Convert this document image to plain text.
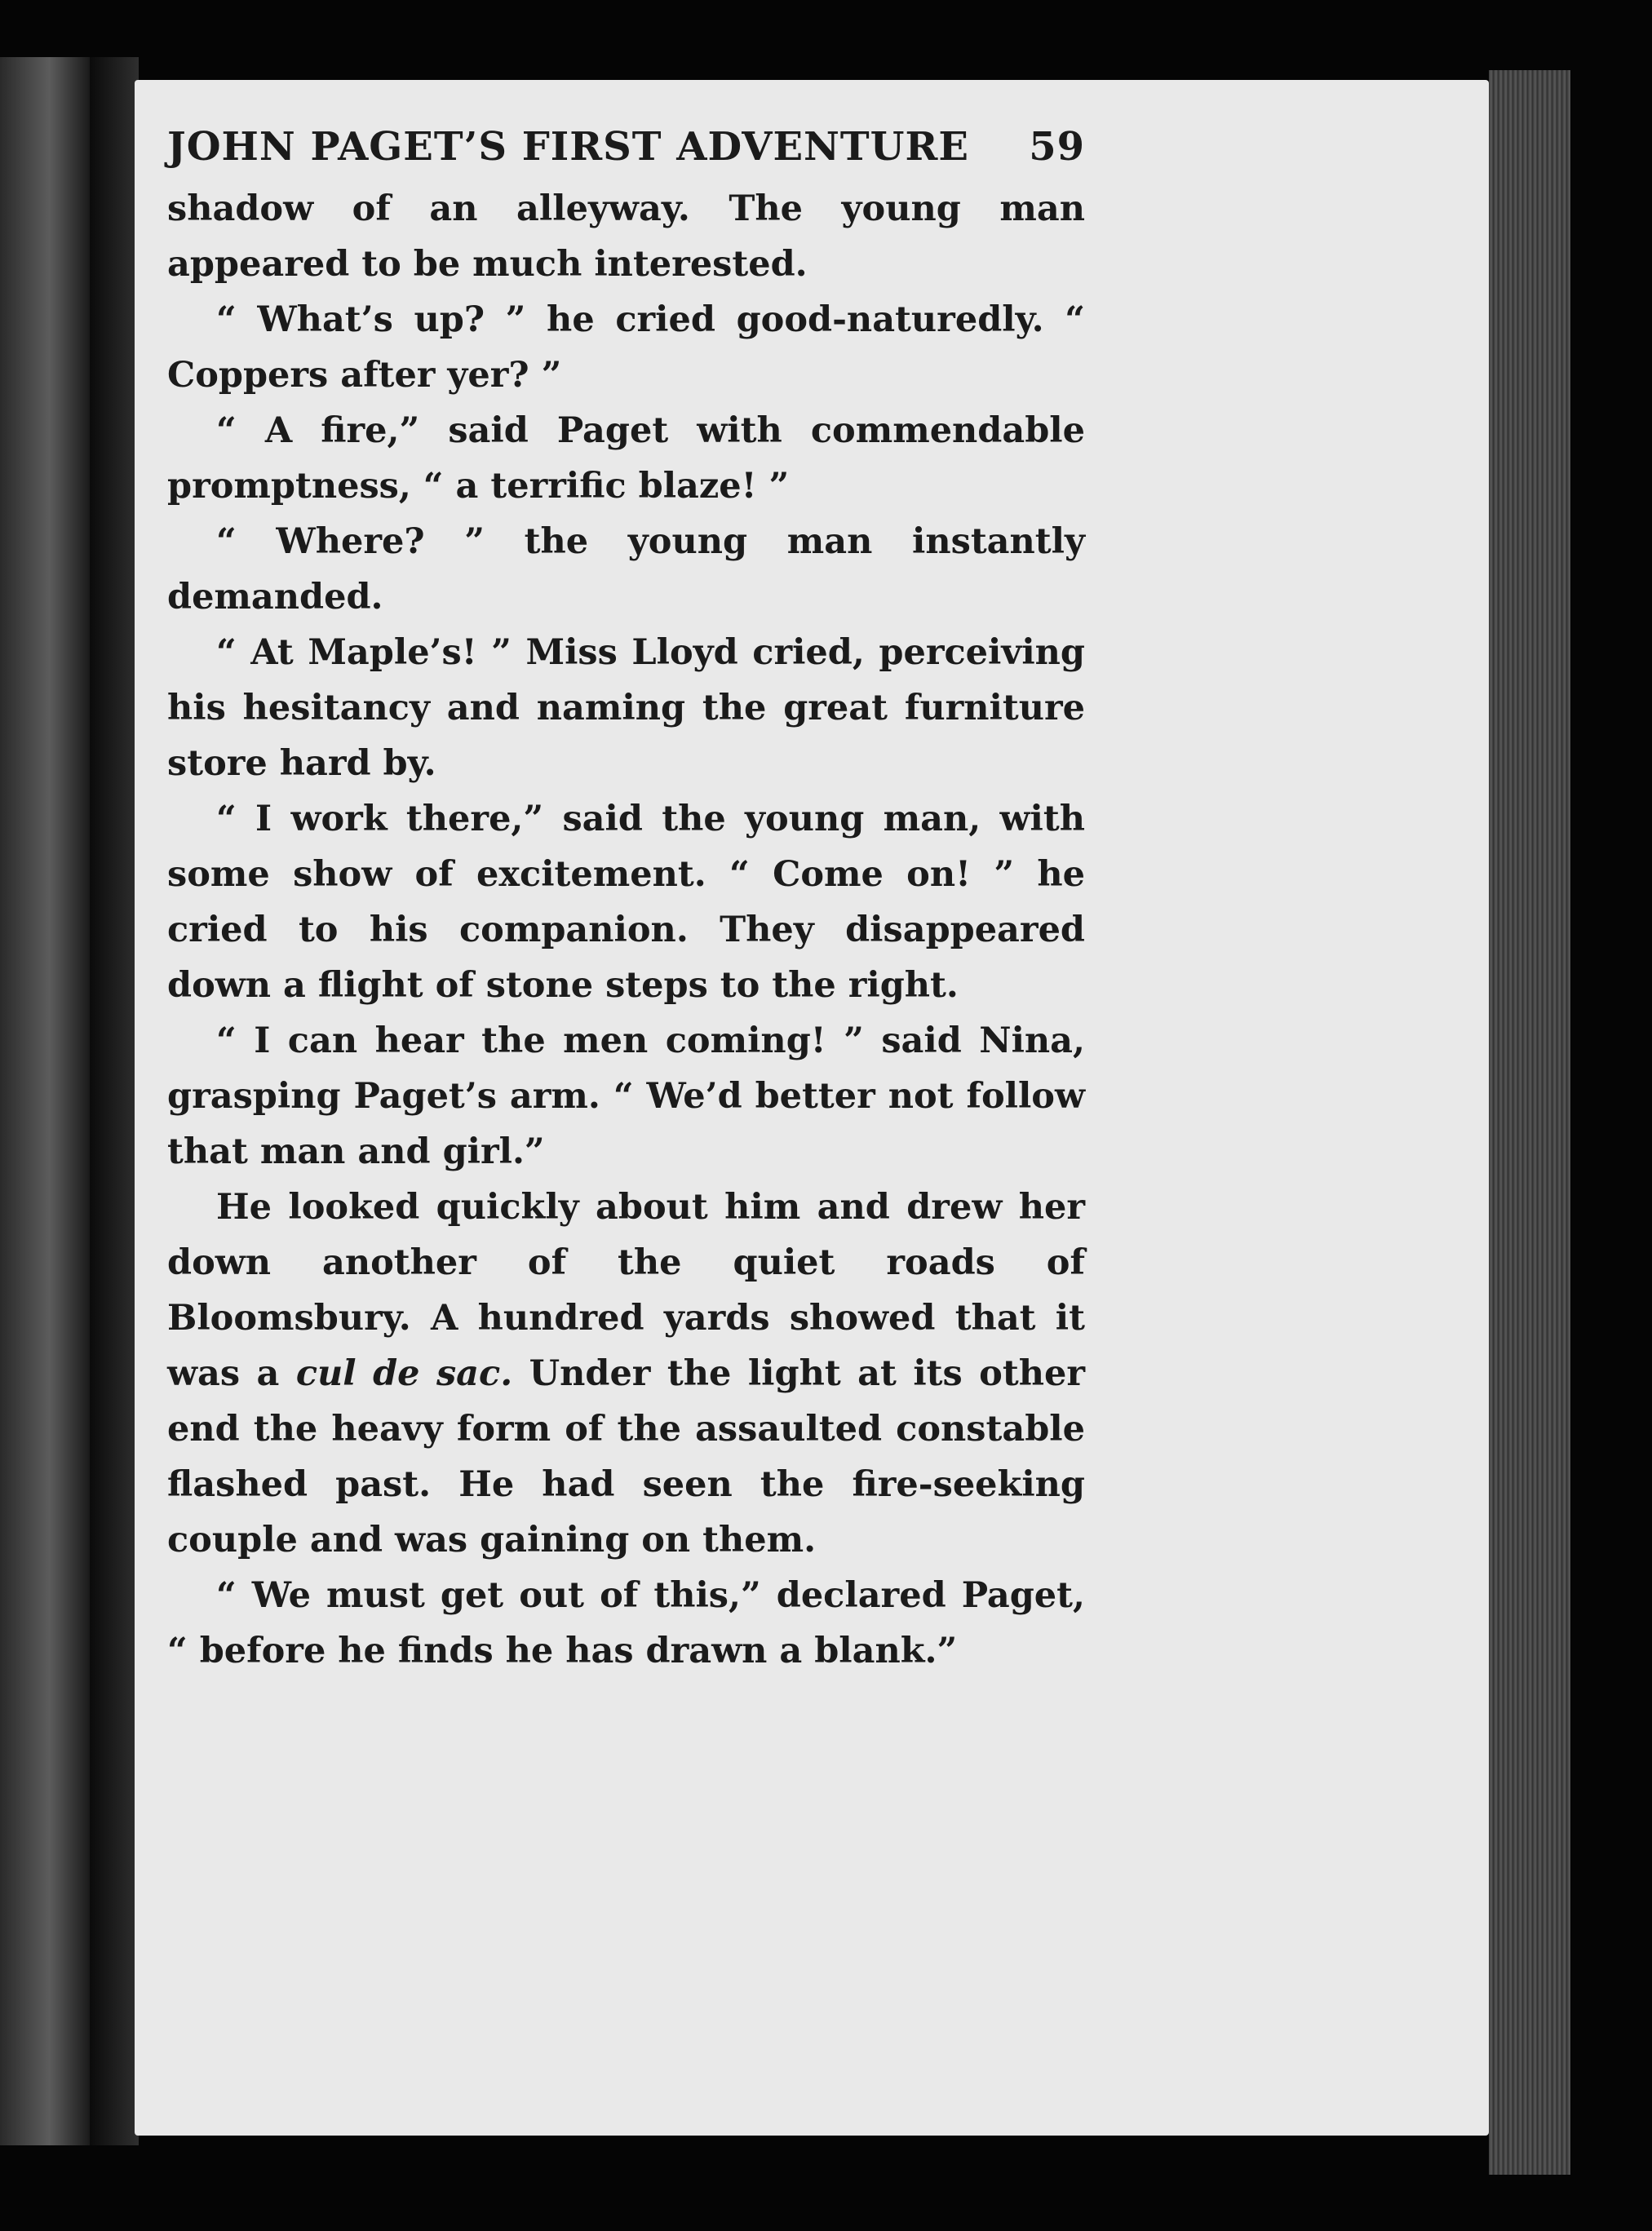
JOHN PAGET’S FIRST ADVENTURE 59

shadow of an alleyway. The young man appeared to be much interested.

“ What’s up? ” he cried good-naturedly. “ Coppers after yer? ”

“ A fire,” said Paget with commendable promptness, “ a terrific blaze! ”

“ Where? ” the young man instantly demanded.

“ At Maple’s! ” Miss Lloyd cried, perceiving his hesitancy and naming the great furniture store hard by.

“ I work there,” said the young man, with some show of excitement. “ Come on! ” he cried to his companion. They disappeared down a flight of stone steps to the right.

“ I can hear the men coming! ” said Nina, grasping Paget’s arm. “ We’d better not follow that man and girl.”

He looked quickly about him and drew her down another of the quiet roads of Bloomsbury. A hundred yards showed that it was a cul de sac. Under the light at its other end the heavy form of the assaulted constable flashed past. He had seen the fire-seeking couple and was gaining on them.

“ We must get out of this,” declared Paget, “ before he finds he has drawn a blank.”
